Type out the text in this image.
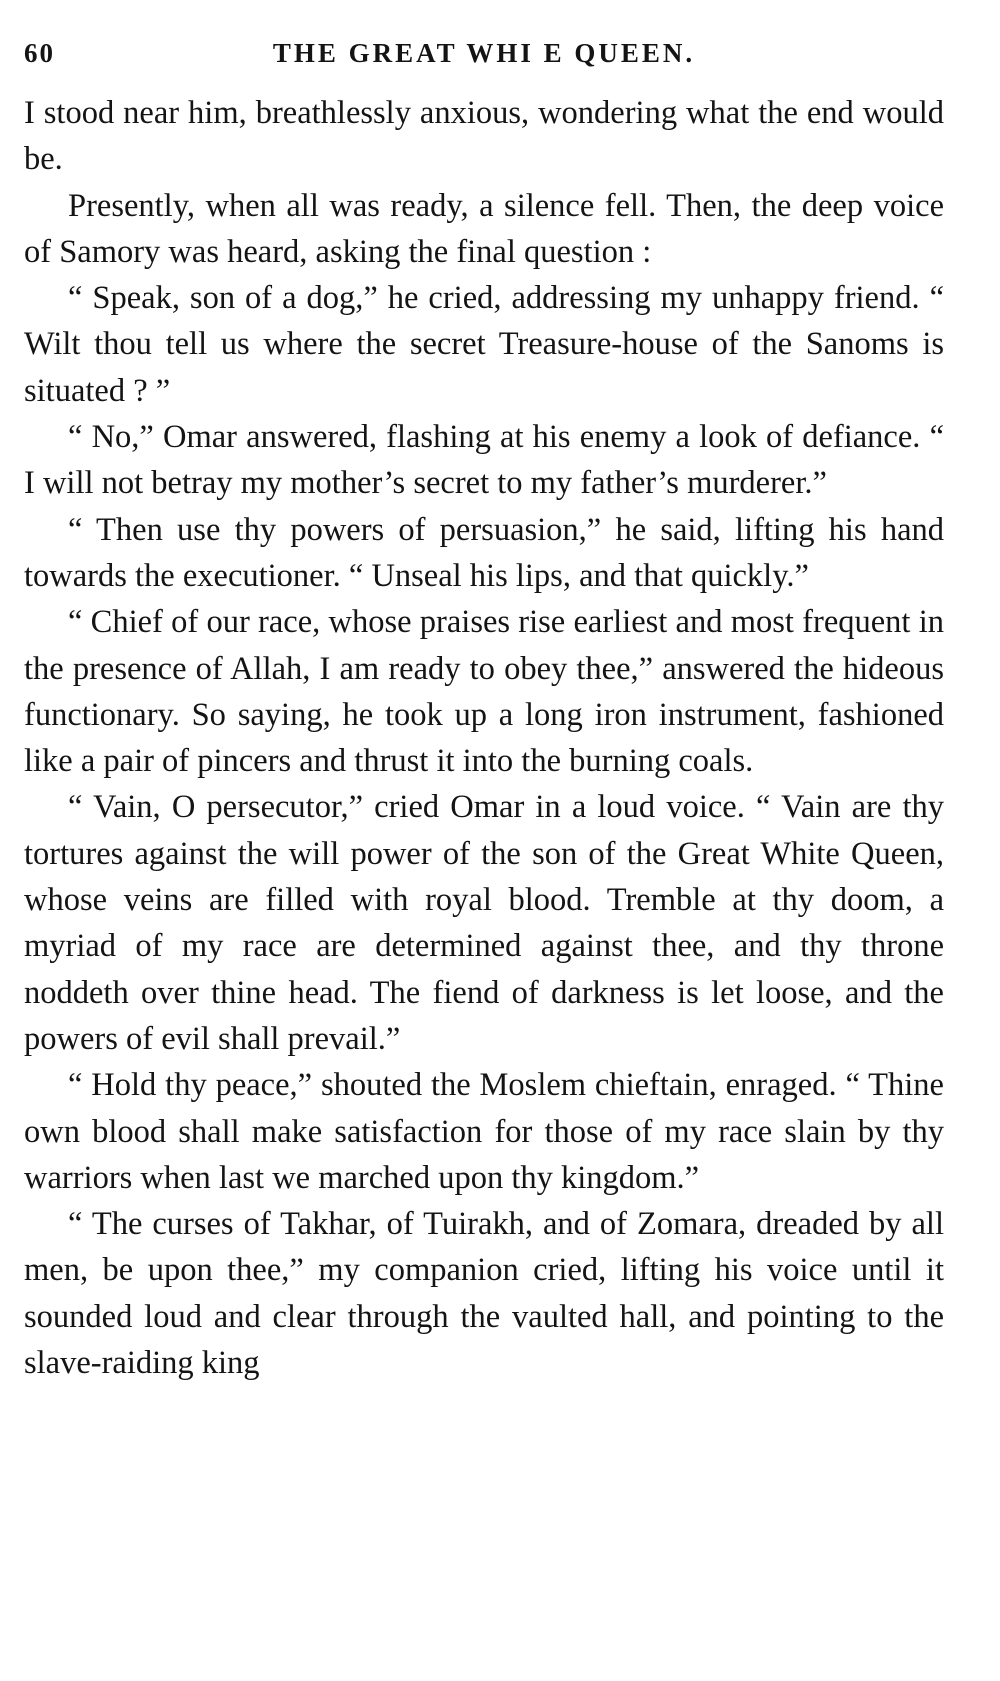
60	THE GREAT WHI E QUEEN.

I stood near him, breathlessly anxious, wondering what the end would be.

Presently, when all was ready, a silence fell. Then, the deep voice of Samory was heard, asking the final question :

“ Speak, son of a dog,” he cried, addressing my unhappy friend. “ Wilt thou tell us where the secret Treasure-house of the Sanoms is situated ? ”

“ No,” Omar answered, flashing at his enemy a look of defiance. “ I will not betray my mother’s secret to my father’s murderer.”

“ Then use thy powers of persuasion,” he said, lifting his hand towards the executioner. “ Unseal his lips, and that quickly.”

“ Chief of our race, whose praises rise earliest and most frequent in the presence of Allah, I am ready to obey thee,” answered the hideous functionary. So saying, he took up a long iron instrument, fashioned like a pair of pincers and thrust it into the burning coals.

“ Vain, O persecutor,” cried Omar in a loud voice. “ Vain are thy tortures against the will power of the son of the Great White Queen, whose veins are filled with royal blood. Tremble at thy doom, a myriad of my race are determined against thee, and thy throne noddeth over thine head. The fiend of darkness is let loose, and the powers of evil shall prevail.”

“ Hold thy peace,” shouted the Moslem chieftain, enraged. “ Thine own blood shall make satisfaction for those of my race slain by thy warriors when last we marched upon thy kingdom.”

“ The curses of Takhar, of Tuirakh, and of Zomara, dreaded by all men, be upon thee,” my companion cried, lifting his voice until it sounded loud and clear through the vaulted hall, and pointing to the slave-raiding king
